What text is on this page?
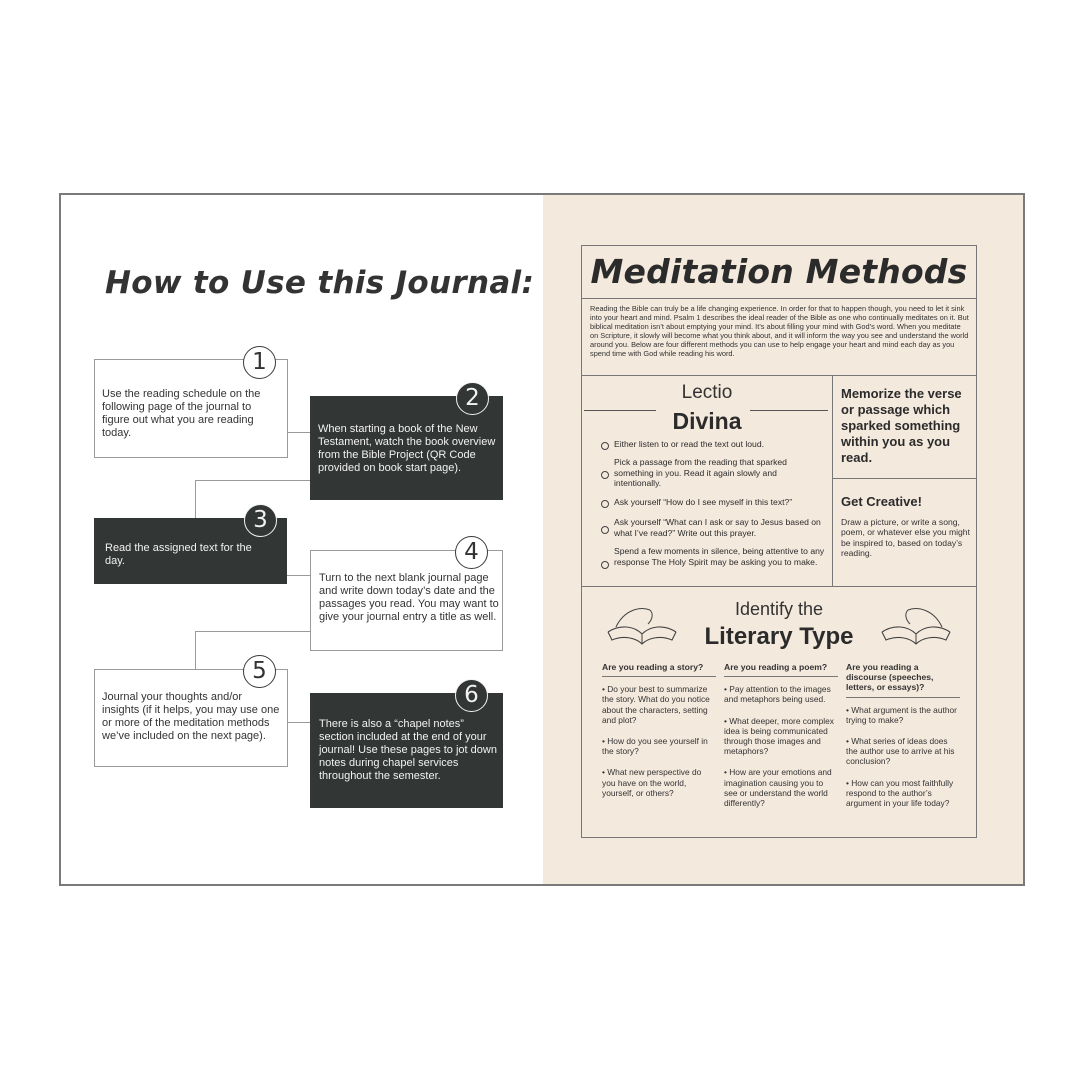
How to Use this Journal:
1
Use the reading schedule on the following page of the journal to figure out what you are reading today.
2
When starting a book of the New Testament, watch the book overview from the Bible Project (QR Code provided on book start page).
3
Read the assigned text for the day.	4
Turn to the next blank journal page and write down today’s date and the passages you read. You may want to give your journal entry a title as well.
5
Journal your thoughts and/or insights (if it helps, you may use one or more of the meditation methods we’ve included on the next page).
6
There is also a “chapel notes” section included at the end of your journal! Use these pages to jot down notes during chapel services throughout the semester.
Meditation Methods
Reading the Bible can truly be a life changing experience. In order for that to happen though, you need to let it sink into your heart and mind. Psalm 1 describes the ideal reader of the Bible as one who continually meditates on it. But biblical meditation isn’t about emptying your mind. It’s about filling your mind with God’s word. When you meditate on Scripture, it slowly will become what you think about, and it will inform the way you see and understand the world around you. Below are four different methods you can use to help engage your heart and mind each day as you spend time with God while reading his word.
Lectio
Divina
Either listen to or read the text out loud.
Pick a passage from the reading that sparked something in you. Read it again slowly and intentionally.
Ask yourself “How do I see myself in this text?”
Ask yourself “What can I ask or say to Jesus based on what I’ve read?” Write out this prayer.
Spend a few moments in silence, being attentive to any response The Holy Spirit may be asking you to make.
Memorize the verse or passage which sparked something within you as you read.
Get Creative!
Draw a picture, or write a song, poem, or whatever else you might be inspired to, based on today’s reading.
Identify the
Literary Type
Are you reading a story?
• Do your best to summarize the story. What do you notice about the characters, setting and plot?
• How do you see yourself in the story?
• What new perspective do you have on the world, yourself, or others?
Are you reading a poem?
• Pay attention to the images and metaphors being used.
• What deeper, more complex idea is being communicated through those images and metaphors?
• How are your emotions and imagination causing you to see or understand the world differently?
Are you reading a discourse (speeches, letters, or essays)?
• What argument is the author trying to make?
• What series of ideas does the author use to arrive at his conclusion?
• How can you most faithfully respond to the author’s argument in your life today?
